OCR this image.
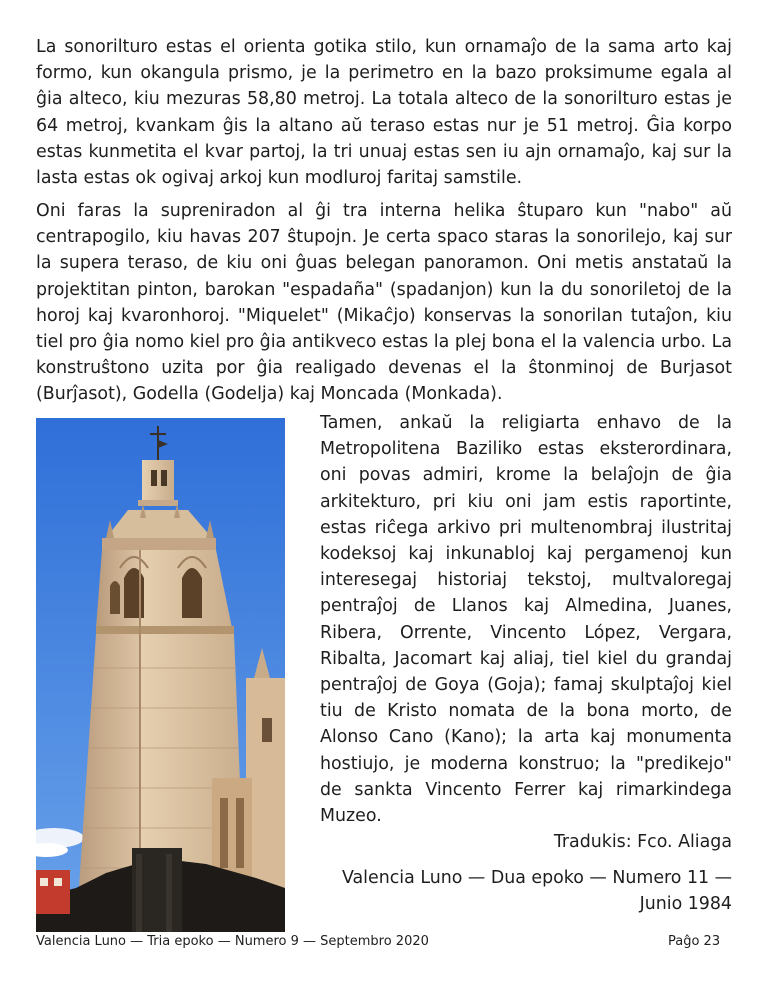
La sonorilturo estas el orienta gotika stilo, kun ornamaĵo de la sama arto kaj formo, kun okangula prismo, je la perimetro en la bazo proksimume egala al ĝia alteco, kiu mezuras 58,80 metroj. La totala alteco de la sonorilturo estas je 64 metroj, kvankam ĝis la altano aŭ teraso estas nur je 51 metroj. Ĝia korpo estas kunmetita el kvar partoj, la tri unuaj estas sen iu ajn ornamaĵo, kaj sur la lasta estas ok ogivaj arkoj kun modluroj faritaj samstile.

Oni faras la supreniradon al ĝi tra interna helika ŝtuparo kun "nabo" aŭ centrapogilo, kiu havas 207 ŝtupojn. Je certa spaco staras la sonorilejo, kaj sur la supera teraso, de kiu oni ĝuas belegan panoramon. Oni metis anstataŭ la projektitan pinton, barokan "espadaña" (spadanjon) kun la du sonoriletoj de la horoj kaj kvaronhoroj. "Miquelet" (Mikaĉjo) konservas la sonorilan tutaĵon, kiu tiel pro ĝia nomo kiel pro ĝia antikveco estas la plej bona el la valencia urbo. La konstruŝtono uzita por ĝia realigado devenas el la ŝtonminoj de Burjasot (Burĵasot), Godella (Godelja) kaj Moncada (Monkada).

Tamen, ankaŭ la religiarta enhavo de la Metropolitena Baziliko estas eksterordinara, oni povas admiri, krome la belaĵojn de ĝia arkitekturo, pri kiu oni jam estis raportinte, estas riĉega arkivo pri multenombraj ilustritaj kodeksoj kaj inkunabloj kaj pergamenoj kun interesegaj historiaj tekstoj, multvaloregaj pentraĵoj de Llanos kaj Almedina, Juanes, Ribera, Orrente, Vincento López, Vergara, Ribalta, Jacomart kaj aliaj, tiel kiel du grandaj pentraĵoj de Goya (Goja); famaj skulptaĵoj kiel tiu de Kristo nomata de la bona morto, de Alonso Cano (Kano); la arta kaj monumenta hostiujo, je moderna konstruo; la "predikejo" de sankta Vincento Ferrer kaj rimarkindega Muzeo.

Tradukis: Fco. Aliaga

Valencia Luno — Dua epoko — Numero 11 — Junio 1984

Valencia Luno — Tria epoko — Numero 9 — Septembro 2020	Paĝo 23
